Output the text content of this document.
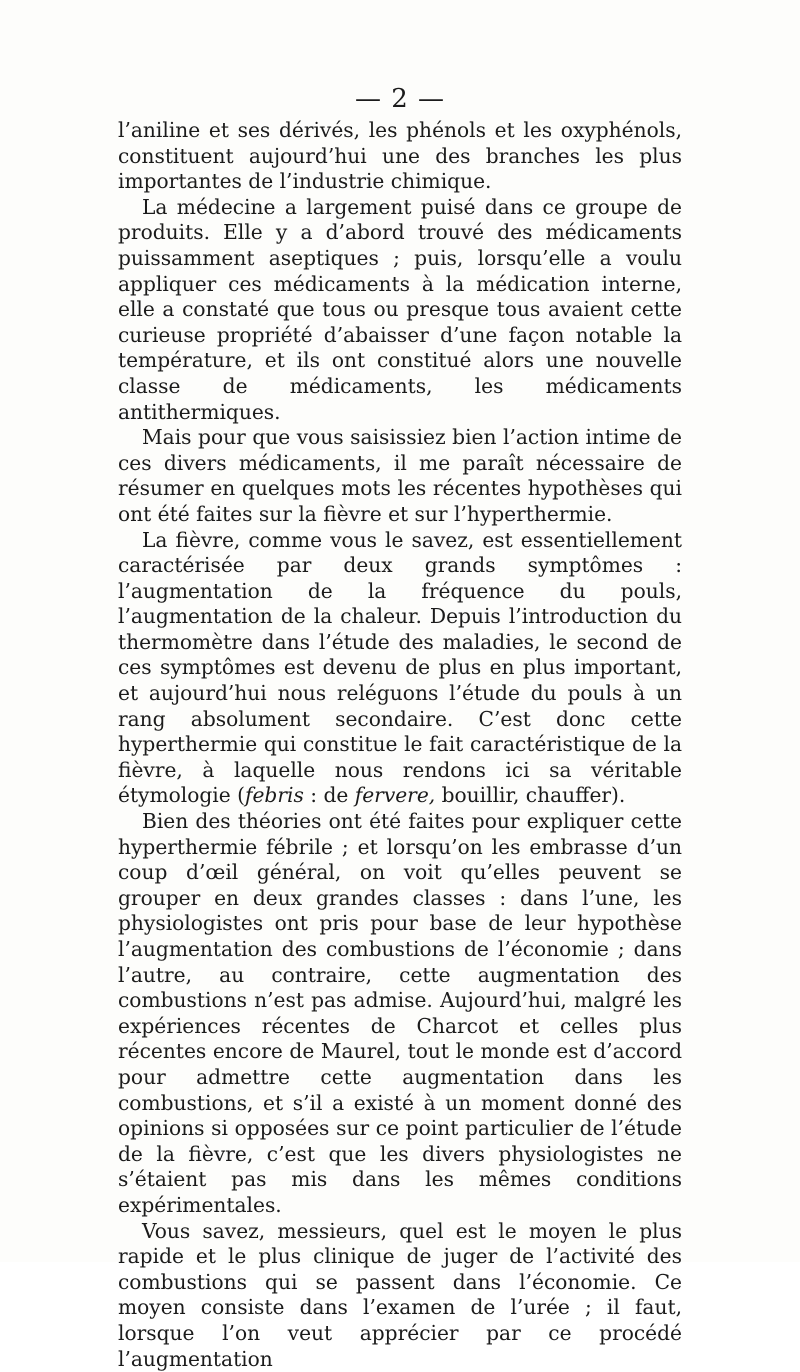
— 2 —

l’aniline et ses dérivés, les phénols et les oxyphénols, constituent aujourd’hui une des branches les plus importantes de l’industrie chimique.

La médecine a largement puisé dans ce groupe de produits. Elle y a d’abord trouvé des médicaments puissamment aseptiques ; puis, lorsqu’elle a voulu appliquer ces médicaments à la médication interne, elle a constaté que tous ou presque tous avaient cette curieuse propriété d’abaisser d’une façon notable la température, et ils ont constitué alors une nouvelle classe de médicaments, les médicaments antithermiques.

Mais pour que vous saisissiez bien l’action intime de ces divers médicaments, il me paraît nécessaire de résumer en quelques mots les récentes hypothèses qui ont été faites sur la fièvre et sur l’hyperthermie.

La fièvre, comme vous le savez, est essentiellement caractérisée par deux grands symptômes : l’augmentation de la fréquence du pouls, l’augmentation de la chaleur. Depuis l’introduction du thermomètre dans l’étude des maladies, le second de ces symptômes est devenu de plus en plus important, et aujourd’hui nous reléguons l’étude du pouls à un rang absolument secondaire. C’est donc cette hyperthermie qui constitue le fait caractéristique de la fièvre, à laquelle nous rendons ici sa véritable étymologie (febris : de fervere, bouillir, chauffer).

Bien des théories ont été faites pour expliquer cette hyperthermie fébrile ; et lorsqu’on les embrasse d’un coup d’œil général, on voit qu’elles peuvent se grouper en deux grandes classes : dans l’une, les physiologistes ont pris pour base de leur hypothèse l’augmentation des combustions de l’économie ; dans l’autre, au contraire, cette augmentation des combustions n’est pas admise. Aujourd’hui, malgré les expériences récentes de Charcot et celles plus récentes encore de Maurel, tout le monde est d’accord pour admettre cette augmentation dans les combustions, et s’il a existé à un moment donné des opinions si opposées sur ce point particulier de l’étude de la fièvre, c’est que les divers physiologistes ne s’étaient pas mis dans les mêmes conditions expérimentales.

Vous savez, messieurs, quel est le moyen le plus rapide et le plus clinique de juger de l’activité des combustions qui se passent dans l’économie. Ce moyen consiste dans l’examen de l’urée ; il faut, lorsque l’on veut apprécier par ce procédé l’augmentation
